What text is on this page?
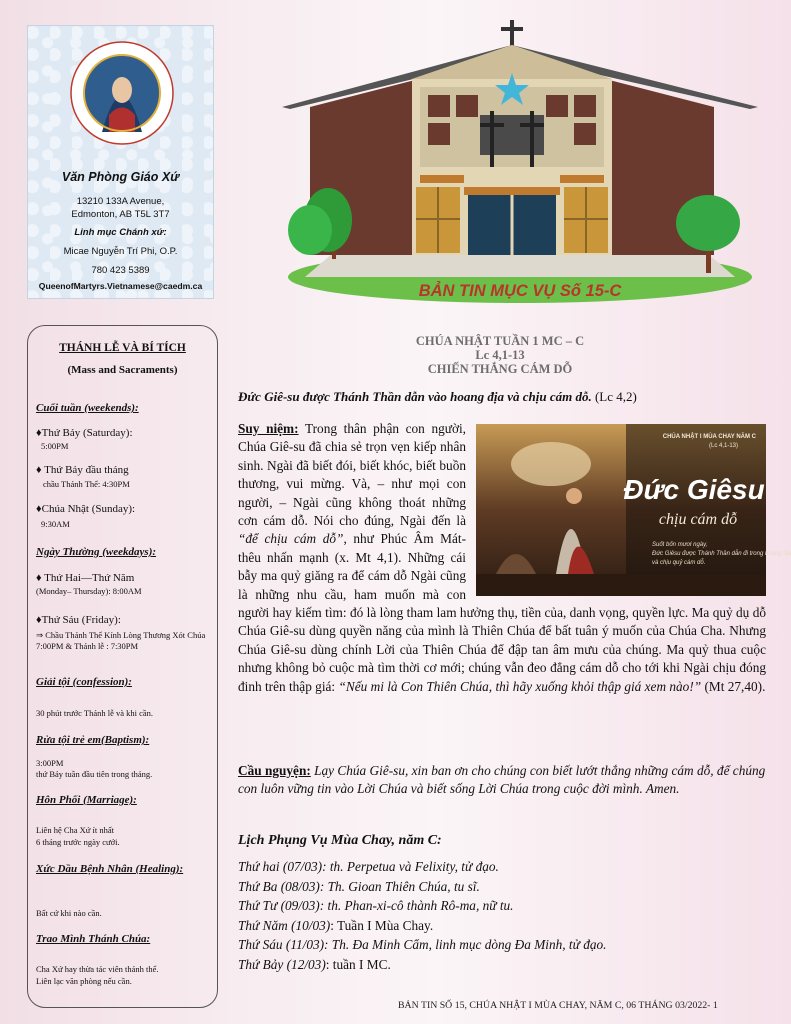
Văn Phòng Giáo Xứ
13210 133A Avenue,
Edmonton, AB T5L 3T7
Linh mục Chánh xứ:
Micae Nguyễn Trí Phi, O.P.
780 423 5389
QueenofMartyrs.Vietnamese@caedm.ca
THÁNH LỄ VÀ BÍ TÍCH
(Mass and Sacraments)
Cuối tuần (weekends):
♦Thứ Bảy (Saturday):
5:00PM
♦ Thứ Bảy đầu tháng
chầu Thánh Thể: 4:30PM
♦Chúa Nhật (Sunday):
9:30AM
Ngày Thường (weekdays):
♦ Thứ Hai—Thứ Năm
(Monday– Thursday): 8:00AM
♦Thứ Sáu (Friday):
⇒ Chầu Thánh Thể Kính Lòng Thương Xót Chúa 7:00PM & Thánh lễ : 7:30PM
Giải tội (confession):
30 phút trước Thánh lễ và khi cần.
Rửa tội trẻ em(Baptism):
3:00PM
thứ Bảy tuần đầu tiên trong tháng.
Hôn Phối (Marriage):
Liên hệ Cha Xứ ít nhất
6 tháng trước ngày cưới.
Xức Dầu Bệnh Nhân (Healing):
Bất cứ khi nào cần.
Trao Mình Thánh Chúa:
Cha Xứ hay thừa tác viên thánh thể.
Liên lạc văn phòng nếu cần.
BẢN TIN MỤC VỤ Số 15-C
CHÚA NHẬT TUẦN 1 MC – C
Lc 4,1-13
CHIẾN THẮNG CÁM DỖ
Đức Giê-su được Thánh Thần dẫn vào hoang địa và chịu cám dỗ. (Lc 4,2)
CHÚA NHẬT I MÙA CHAY NĂM C
(Lc 4,1-13)
Đức Giêsu
chịu cám dỗ
Suốt bốn mươi ngày,
Đức Giêsu được Thánh Thần dẫn đi trong hoang địa
và chịu quỷ cám dỗ.
Suy niệm: Trong thân phận con người, Chúa Giê-su đã chia sẻ trọn vẹn kiếp nhân sinh. Ngài đã biết đói, biết khóc, biết buồn thương, vui mừng. Và, – như mọi con người, – Ngài cũng không thoát những cơn cám dỗ. Nói cho đúng, Ngài đến là “để chịu cám dỗ”, như Phúc Âm Mát-thêu nhấn mạnh (x. Mt 4,1). Những cái bẫy ma quỷ giăng ra để cám dỗ Ngài cũng là những nhu cầu, ham muốn mà con người hay kiếm tìm: đó là lòng tham lam hưởng thụ, tiền của, danh vọng, quyền lực. Ma quỷ dụ dỗ Chúa Giê-su dùng quyền năng của mình là Thiên Chúa để bất tuân ý muốn của Chúa Cha. Nhưng Chúa Giê-su dùng chính Lời của Thiên Chúa để đập tan âm mưu của chúng. Ma quỷ thua cuộc nhưng không bỏ cuộc mà tìm thời cơ mới; chúng vẫn đeo đẳng cám dỗ cho tới khi Ngài chịu đóng đinh trên thập giá: “Nếu mi là Con Thiên Chúa, thì hãy xuống khỏi thập giá xem nào!” (Mt 27,40).
Cầu nguyện: Lạy Chúa Giê-su, xin ban ơn cho chúng con biết lướt thắng những cám dỗ, để chúng con luôn vững tin vào Lời Chúa và biết sống Lời Chúa trong cuộc đời mình. Amen.
Lịch Phụng Vụ Mùa Chay, năm C:
Thứ hai (07/03): th. Perpetua và Felixity, tử đạo.
Thứ Ba (08/03): Th. Gioan Thiên Chúa, tu sĩ.
Thứ Tư (09/03): th. Phan-xi-cô thành Rô-ma, nữ tu.
Thứ Năm (10/03): Tuần I Mùa Chay.
Thứ Sáu (11/03): Th. Đa Minh Cẩm, linh mục dòng Đa Minh, tử đạo.
Thứ Bảy (12/03): tuần I MC.
BẢN TIN SỐ 15, CHÚA NHẬT I MÙA CHAY, NĂM C, 06 THÁNG 03/2022- 1
